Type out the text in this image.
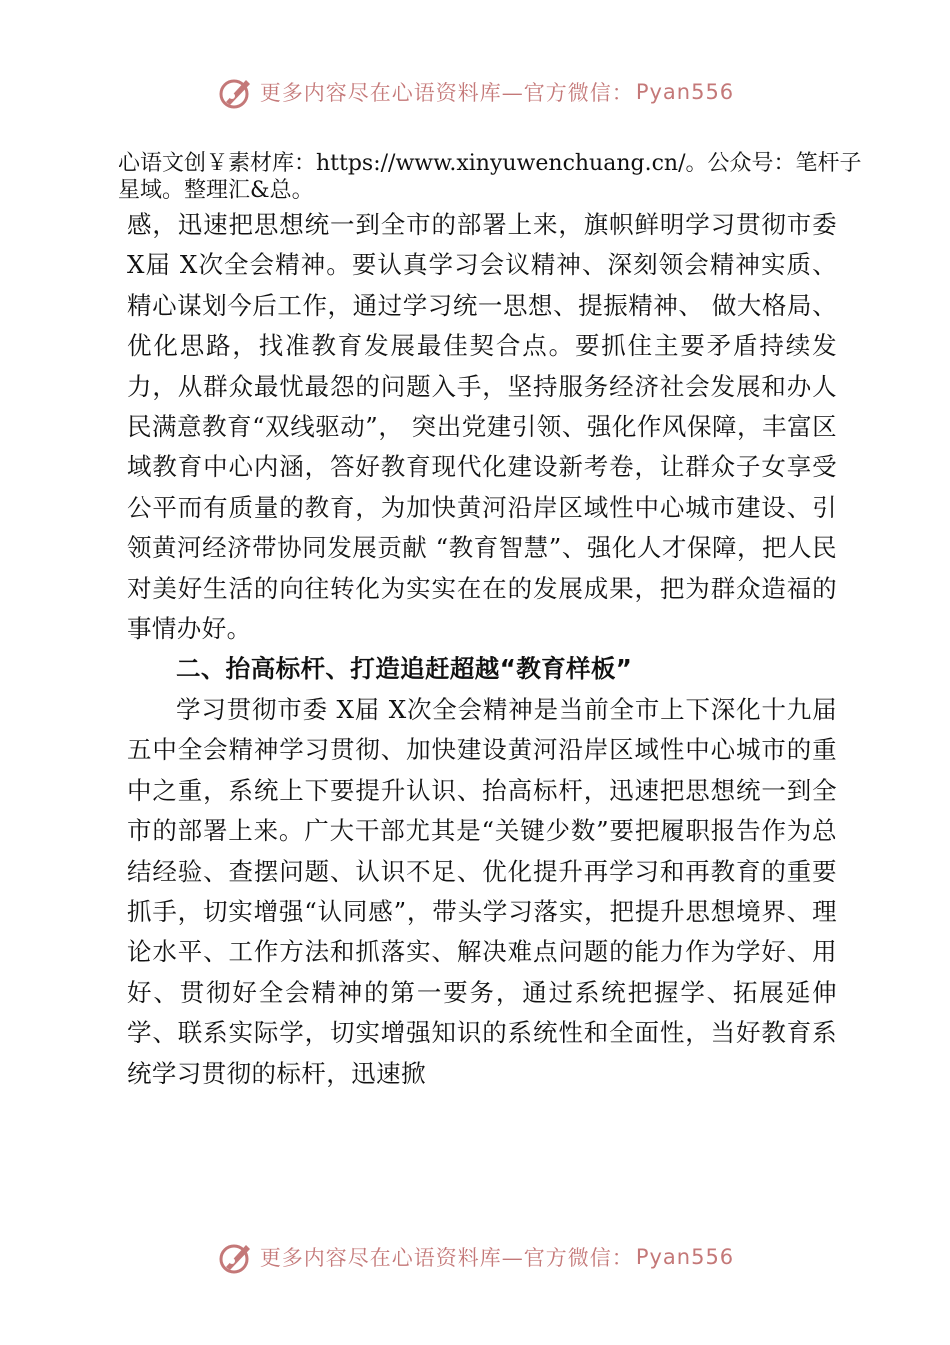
更多内容尽在心语资料库—官方微信： Pyan556
心语文创￥素材库：https://www.xinyuwenchuang.cn/。公众号：笔杆子星域。整理汇&总。

感，迅速把思想统一到全市的部署上来，旗帜鲜明学习贯彻市委 X届 X次全会精神。要认真学习会议精神、深刻领会精神实质、精心谋划今后工作，通过学习统一思想、提振精神、 做大格局、优化思路，找准教育发展最佳契合点。要抓住主要矛盾持续发力，从群众最忧最怨的问题入手，坚持服务经济社会发展和办人民满意教育“双线驱动”， 突出党建引领、强化作风保障，丰富区域教育中心内涵，答好教育现代化建设新考卷，让群众子女享受公平而有质量的教育，为加快黄河沿岸区域性中心城市建设、引领黄河经济带协同发展贡献 “教育智慧”、强化人才保障，把人民对美好生活的向往转化为实实在在的发展成果，把为群众造福的事情办好。

二、抬高标杆、打造追赶超越“教育样板”

学习贯彻市委 X届 X次全会精神是当前全市上下深化十九届五中全会精神学习贯彻、加快建设黄河沿岸区域性中心城市的重中之重，系统上下要提升认识、抬高标杆，迅速把思想统一到全市的部署上来。广大干部尤其是“关键少数”要把履职报告作为总结经验、查摆问题、认识不足、优化提升再学习和再教育的重要抓手，切实增强“认同感”，带头学习落实，把提升思想境界、理论水平、工作方法和抓落实、解决难点问题的能力作为学好、用好、贯彻好全会精神的第一要务，通过系统把握学、拓展延伸学、联系实际学，切实增强知识的系统性和全面性，当好教育系统学习贯彻的标杆，迅速掀

更多内容尽在心语资料库—官方微信： Pyan556
